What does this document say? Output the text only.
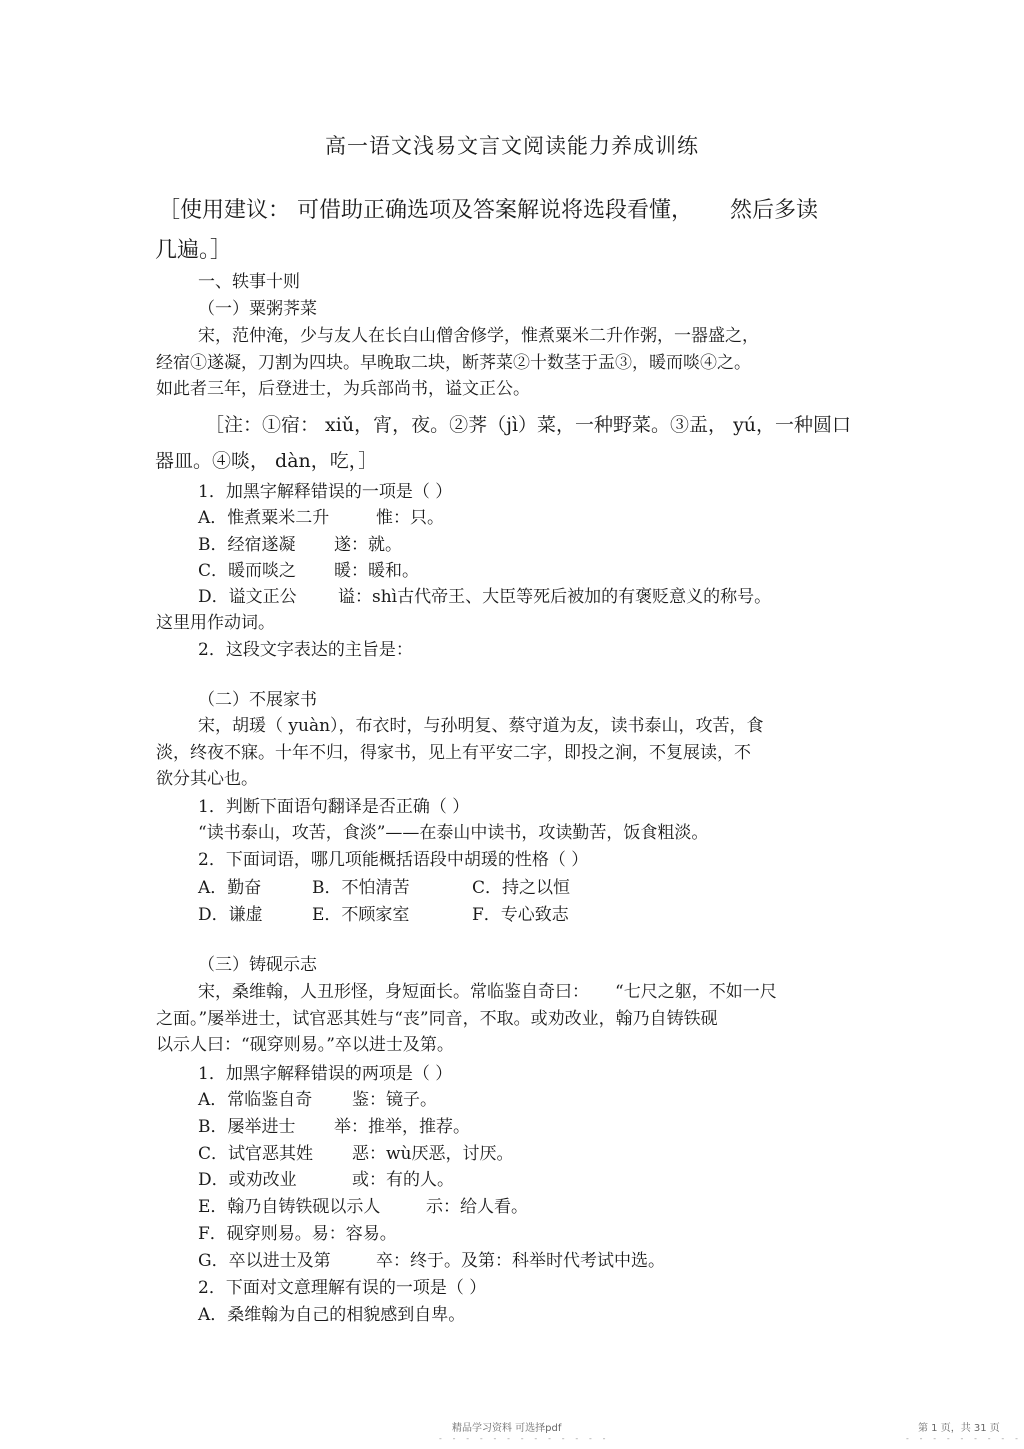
高一语文浅易文言文阅读能力养成训练
［使用建议： 可借助正确选项及答案解说将选段看懂， 然后多读
几遍。］
一、轶事十则
（一）粟粥荠菜
宋，范仲淹，少与友人在长白山僧舍修学，惟煮粟米二升作粥，一器盛之，
经宿①遂凝，刀割为四块。早晚取二块，断荠菜②十数茎于盂③，暖而啖④之。
如此者三年，后登进士，为兵部尚书，谥文正公。
［注：①宿： xiǔ，宵，夜。②荠（jì）菜，一种野菜。③盂， yú，一种圆口
器皿。④啖， dàn，吃，］
1．加黑字解释错误的一项是（ ）
A．惟煮粟米二升	惟：只。
B．经宿遂凝 遂：就。
C．暖而啖之 暖：暖和。
D．谥文正公 谥：shì古代帝王、大臣等死后被加的有褒贬意义的称号。
这里用作动词。
2．这段文字表达的主旨是：
（二）不展家书
宋，胡瑗（ yuàn），布衣时，与孙明复、蔡守道为友，读书泰山，攻苦，食
淡，终夜不寐。十年不归，得家书，见上有平安二字，即投之涧，不复展读，不
欲分其心也。
1．判断下面语句翻译是否正确（ ）
“读书泰山，攻苦，食淡”——在泰山中读书，攻读勤苦，饭食粗淡。
2．下面词语，哪几项能概括语段中胡瑗的性格（ ）
A．勤奋	B．不怕清苦	C．持之以恒
D．谦虚	E．不顾家室	F．专心致志
（三）铸砚示志
宋，桑维翰，人丑形怪，身短面长。常临鉴自奇曰： “七尺之躯，不如一尺
之面。”屡举进士，试官恶其姓与“丧”同音，不取。或劝改业，翰乃自铸铁砚
以示人曰：“砚穿则易。”卒以进士及第。
1．加黑字解释错误的两项是（ ）
A．常临鉴自奇 鉴：镜子。
B．屡举进士 举：推举，推荐。
C．试官恶其姓 恶：wù厌恶，讨厌。
D．或劝改业	或：有的人。
E．翰乃自铸铁砚以示人	示：给人看。
F．砚穿则易。易：容易。
G．卒以进士及第	卒：终于。及第：科举时代考试中选。
2．下面对文意理解有误的一项是（ ）
A．桑维翰为自己的相貌感到自卑。
精品学习资料 可选择pdf
- - - - - - - - - - - - -
第 1 页，共 31 页
- - - - - - - - -
